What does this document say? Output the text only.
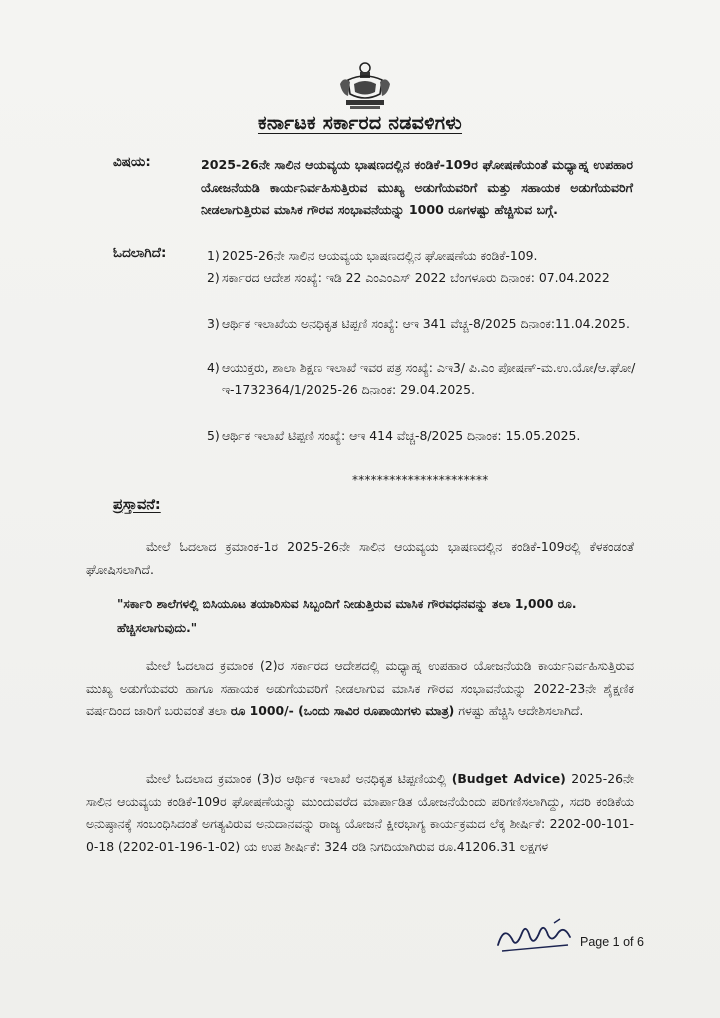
ಕರ್ನಾಟಕ ಸರ್ಕಾರದ ನಡವಳಿಗಳು
ವಿಷಯ:	2025-26ನೇ ಸಾಲಿನ ಆಯವ್ಯಯ ಭಾಷಣದಲ್ಲಿನ ಕಂಡಿಕೆ-109ರ ಘೋಷಣೆಯಂತೆ ಮಧ್ಯಾಹ್ನ ಉಪಹಾರ ಯೋಜನೆಯಡಿ ಕಾರ್ಯನಿರ್ವಹಿಸುತ್ತಿರುವ ಮುಖ್ಯ ಅಡುಗೆಯವರಿಗೆ ಮತ್ತು ಸಹಾಯಕ ಅಡುಗೆಯವರಿಗೆ ನೀಡಲಾಗುತ್ತಿರುವ ಮಾಸಿಕ ಗೌರವ ಸಂಭಾವನೆಯನ್ನು 1000 ರೂಗಳಷ್ಟು ಹೆಚ್ಚಿಸುವ ಬಗ್ಗೆ.
ಓದಲಾಗಿದೆ:	1) 2025-26ನೇ ಸಾಲಿನ ಆಯವ್ಯಯ ಭಾಷಣದಲ್ಲಿನ ಘೋಷಣೆಯ ಕಂಡಿಕೆ-109.
2) ಸರ್ಕಾರದ ಆದೇಶ ಸಂಖ್ಯೆ: ಇಡಿ 22 ಎಂಎಂಎಸ್ 2022 ಬೆಂಗಳೂರು ದಿನಾಂಕ: 07.04.2022
3) ಆರ್ಥಿಕ ಇಲಾಖೆಯ ಅನಧಿಕೃತ ಟಿಪ್ಪಣಿ ಸಂಖ್ಯೆ: ಆಇ 341 ವೆಚ್ಚ-8/2025 ದಿನಾಂಕ:11.04.2025.
4) ಆಯುಕ್ತರು, ಶಾಲಾ ಶಿಕ್ಷಣ ಇಲಾಖೆ ಇವರ ಪತ್ರ ಸಂಖ್ಯೆ: ಎಇ3/ ಪಿ.ಎಂ ಪೋಷಣ್-ಮ.ಉ.ಯೋ/ಆ.ಘೋ/ ಇ-1732364/1/2025-26 ದಿನಾಂಕ: 29.04.2025.
5) ಆರ್ಥಿಕ ಇಲಾಖೆ ಟಿಪ್ಪಣಿ ಸಂಖ್ಯೆ: ಆಇ 414 ವೆಚ್ಚ-8/2025 ದಿನಾಂಕ: 15.05.2025.
**********************
ಪ್ರಸ್ತಾವನೆ:
ಮೇಲೆ ಓದಲಾದ ಕ್ರಮಾಂಕ-1ರ 2025-26ನೇ ಸಾಲಿನ ಆಯವ್ಯಯ ಭಾಷಣದಲ್ಲಿನ ಕಂಡಿಕೆ-109ರಲ್ಲಿ ಕೆಳಕಂಡಂತೆ ಘೋಷಿಸಲಾಗಿದೆ.
"ಸರ್ಕಾರಿ ಶಾಲೆಗಳಲ್ಲಿ ಬಿಸಿಯೂಟ ತಯಾರಿಸುವ ಸಿಬ್ಬಂದಿಗೆ ನೀಡುತ್ತಿರುವ ಮಾಸಿಕ ಗೌರವಧನವನ್ನು ತಲಾ 1,000 ರೂ. ಹೆಚ್ಚಿಸಲಾಗುವುದು."
ಮೇಲೆ ಓದಲಾದ ಕ್ರಮಾಂಕ (2)ರ ಸರ್ಕಾರದ ಆದೇಶದಲ್ಲಿ ಮಧ್ಯಾಹ್ನ ಉಪಹಾರ ಯೋಜನೆಯಡಿ ಕಾರ್ಯನಿರ್ವಹಿಸುತ್ತಿರುವ ಮುಖ್ಯ ಅಡುಗೆಯವರು ಹಾಗೂ ಸಹಾಯಕ ಅಡುಗೆಯವರಿಗೆ ನೀಡಲಾಗುವ ಮಾಸಿಕ ಗೌರವ ಸಂಭಾವನೆಯನ್ನು 2022-23ನೇ ಶೈಕ್ಷಣಿಕ ವರ್ಷದಿಂದ ಜಾರಿಗೆ ಬರುವಂತೆ ತಲಾ ರೂ 1000/- (ಒಂದು ಸಾವಿರ ರೂಪಾಯಿಗಳು ಮಾತ್ರ) ಗಳಷ್ಟು ಹೆಚ್ಚಿಸಿ ಆದೇಶಿಸಲಾಗಿದೆ.
ಮೇಲೆ ಓದಲಾದ ಕ್ರಮಾಂಕ (3)ರ ಆರ್ಥಿಕ ಇಲಾಖೆ ಅನಧಿಕೃತ ಟಿಪ್ಪಣಿಯಲ್ಲಿ (Budget Advice) 2025-26ನೇ ಸಾಲಿನ ಆಯವ್ಯಯ ಕಂಡಿಕೆ-109ರ ಘೋಷಣೆಯನ್ನು ಮುಂದುವರೆದ ಮಾರ್ಪಾಡಿತ ಯೋಜನೆಯೆಂದು ಪರಿಗಣಿಸಲಾಗಿದ್ದು, ಸದರಿ ಕಂಡಿಕೆಯ ಅನುಷ್ಠಾನಕ್ಕೆ ಸಂಬಂಧಿಸಿದಂತೆ ಅಗತ್ಯವಿರುವ ಅನುದಾನವನ್ನು ರಾಜ್ಯ ಯೋಜನೆ ಕ್ಷೀರಭಾಗ್ಯ ಕಾರ್ಯಕ್ರಮದ ಲೆಕ್ಕ ಶೀರ್ಷಿಕೆ: 2202-00-101-0-18 (2202-01-196-1-02) ಯ ಉಪ ಶೀರ್ಷಿಕೆ: 324 ರಡಿ ನಿಗದಿಯಾಗಿರುವ ರೂ.41206.31 ಲಕ್ಷಗಳ
Page 1 of 6
